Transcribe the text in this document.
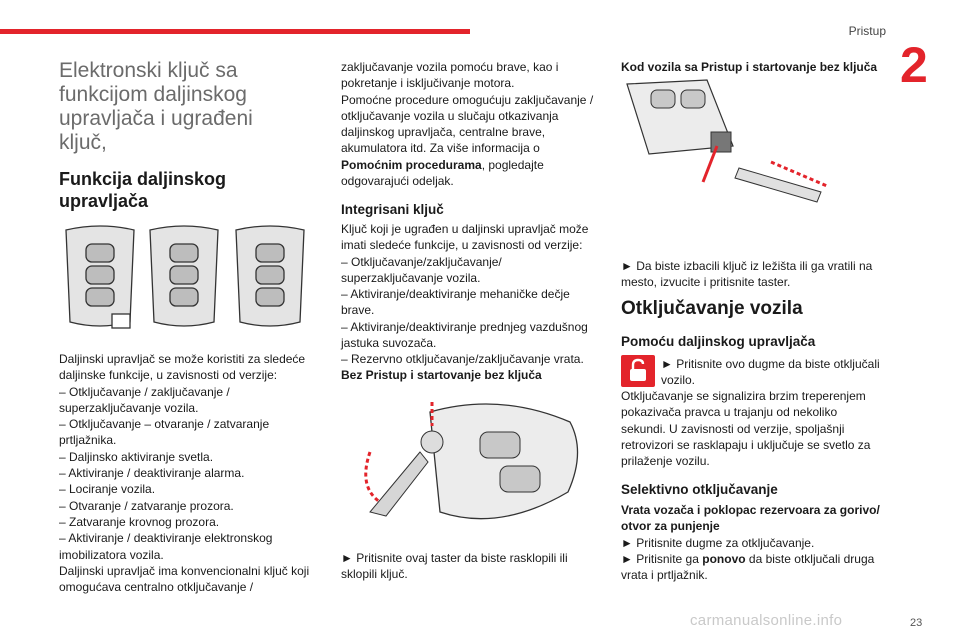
Pristup
2
Elektronski ključ sa funkcijom daljinskog upravljača i ugrađeni ključ,
Funkcija daljinskog upravljača
Daljinski upravljač se može koristiti za sledeće daljinske funkcije, u zavisnosti od verzije:
– Otključavanje / zaključavanje / superzaključavanje vozila.
– Otključavanje – otvaranje / zatvaranje prtljažnika.
– Daljinsko aktiviranje svetla.
– Aktiviranje / deaktiviranje alarma.
– Lociranje vozila.
– Otvaranje / zatvaranje prozora.
– Zatvaranje krovnog prozora.
– Aktiviranje / deaktiviranje elektronskog imobilizatora vozila.
Daljinski upravljač ima konvencionalni ključ koji omogućava centralno otključavanje /
zaključavanje vozila pomoću brave, kao i pokretanje i isključivanje motora.
Pomoćne procedure omogućuju zaključavanje / otključavanje vozila u slučaju otkazivanja daljinskog upravljača, centralne brave, akumulatora itd. Za više informacija o Pomoćnim procedurama, pogledajte odgovarajući odeljak.
Integrisani ključ
Ključ koji je ugrađen u daljinski upravljač može imati sledeće funkcije, u zavisnosti od verzije:
– Otključavanje/zaključavanje/ superzaključavanje vozila.
– Aktiviranje/deaktiviranje mehaničke dečje brave.
– Aktiviranje/deaktiviranje prednjeg vazdušnog jastuka suvozača.
– Rezervno otključavanje/zaključavanje vrata.
Bez Pristup i startovanje bez ključa
► Pritisnite ovaj taster da biste rasklopili ili sklopili ključ.
Kod vozila sa Pristup i startovanje bez ključa
► Da biste izbacili ključ iz ležišta ili ga vratili na mesto, izvucite i pritisnite taster.
Otključavanje vozila
Pomoću daljinskog upravljača
► Pritisnite ovo dugme da biste otključali vozilo.
Otključavanje se signalizira brzim treperenjem pokazivača pravca u trajanju od nekoliko sekundi. U zavisnosti od verzije, spoljašnji retrovizori se rasklapaju i uključuje se svetlo za prilaženje vozilu.
Selektivno otključavanje
Vrata vozača i poklopac rezervoara za gorivo/ otvor za punjenje
► Pritisnite dugme za otključavanje.
► Pritisnite ga ponovo da biste otključali druga vrata i prtljažnik.
carmanualsonline.info	23
